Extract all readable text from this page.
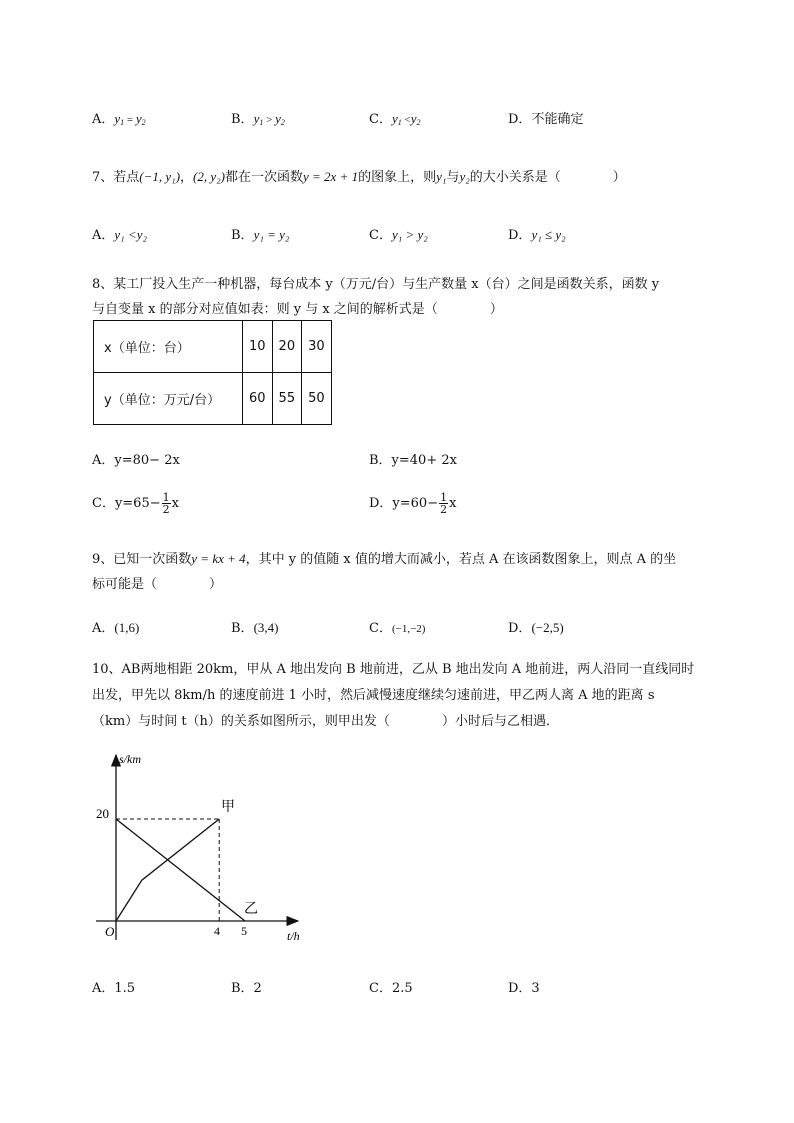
A．$y_1 = y_2$	B．$y_1 > y_2$	C．$y_1 <y_2$	D．不能确定
7、若点(−1, y₁)，(2, y₂)都在一次函数y = 2x + 1的图象上，则y₁与y₂的大小关系是（	）
A．y₁ <y₂	B．y₁ = y₂	C．y₁ > y₂	D．y₁ ≤ y₂
8、某工厂投入生产一种机器，每台成本 y（万元/台）与生产数量 x（台）之间是函数关系，函数 y
与自变量 x 的部分对应值如表：则 y 与 x 之间的解析式是（	）
x（单位：台）	10	20	30
y（单位：万元/台）	60	55	50
A．y=80− 2x	B．y=40+ 2x
C．$y=65- \frac{1}{2}$ x	D．$y=60- \frac{1}{2}$ x
9、已知一次函数y = kx + 4，其中 y 的值随 x 值的增大而减小，若点 A 在该函数图象上，则点 A 的坐
标可能是（	）
A．(1,6)	B．(3,4)	C．(−1,−2)	D．(−2,5)
10、AB两地相距 20km，甲从 A 地出发向 B 地前进，乙从 B 地出发向 A 地前进，两人沿同一直线同时
出发，甲先以 8km/h 的速度前进 1 小时，然后减慢速度继续匀速前进，甲乙两人离 A 地的距离 s
（km）与时间 t（h）的关系如图所示，则甲出发（	）小时后与乙相遇．
s/km
t/h
O
20
4 5
甲
乙
A．1.5	B．2	C．2.5	D．3
